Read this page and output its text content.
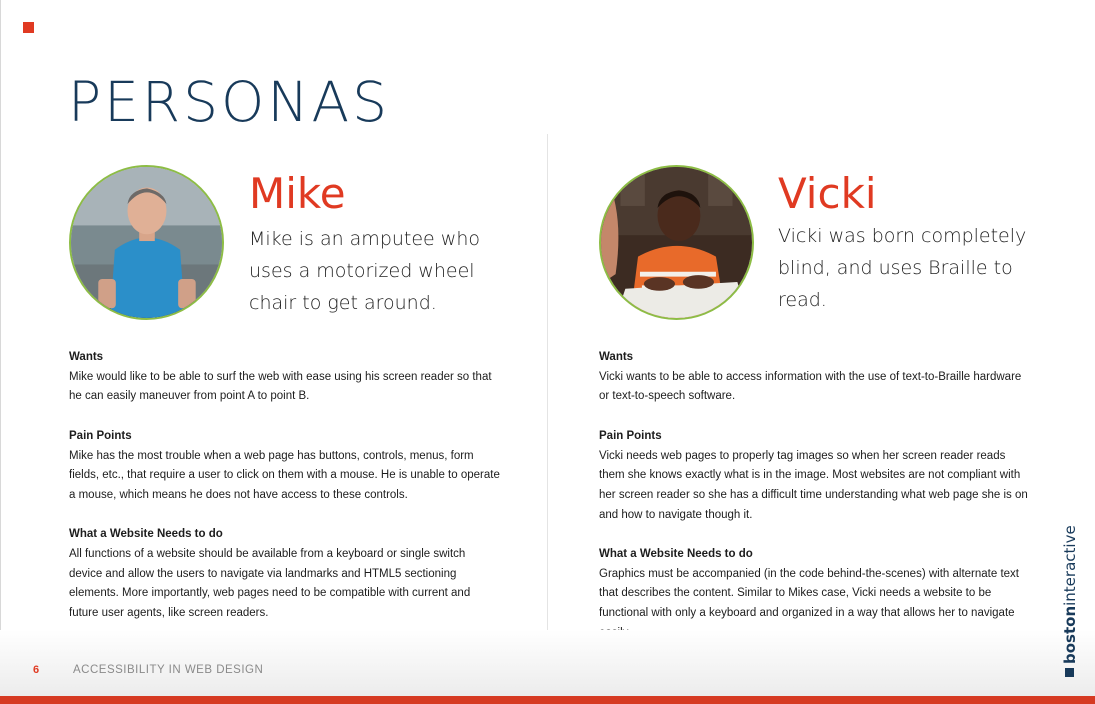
PERSONAS
Mike

Mike is an amputee who uses a motorized wheel chair to get around.

Wants

Mike would like to be able to surf the web with ease using his screen reader so that he can easily maneuver from point A to point B.

Pain Points

Mike has the most trouble when a web page has buttons, controls, menus, form fields, etc., that require a user to click on them with a mouse. He is unable to operate a mouse, which means he does not have access to these controls.

What a Website Needs to do

All functions of a website should be available from a keyboard or single switch device and allow the users to navigate via landmarks and HTML5 sectioning elements. More importantly, web pages need to be compatible with current and future user agents, like screen readers.

Vicki

Vicki was born completely blind, and uses Braille to read.

Wants

Vicki wants to be able to access information with the use of text-to-Braille hardware or text-to-speech software.

Pain Points

Vicki needs web pages to properly tag images so when her screen reader reads them she knows exactly what is in the image. Most websites are not compliant with her screen reader so she has a difficult time understanding what web page she is on and how to navigate though it.

What a Website Needs to do

Graphics must be accompanied (in the code behind-the-scenes) with alternate text that describes the content. Similar to Mikes case, Vicki needs a website to be functional with only a keyboard and organized in a way that allows her to navigate

6	ACCESSIBILITY IN WEB DESIGN
bostoninteractive
